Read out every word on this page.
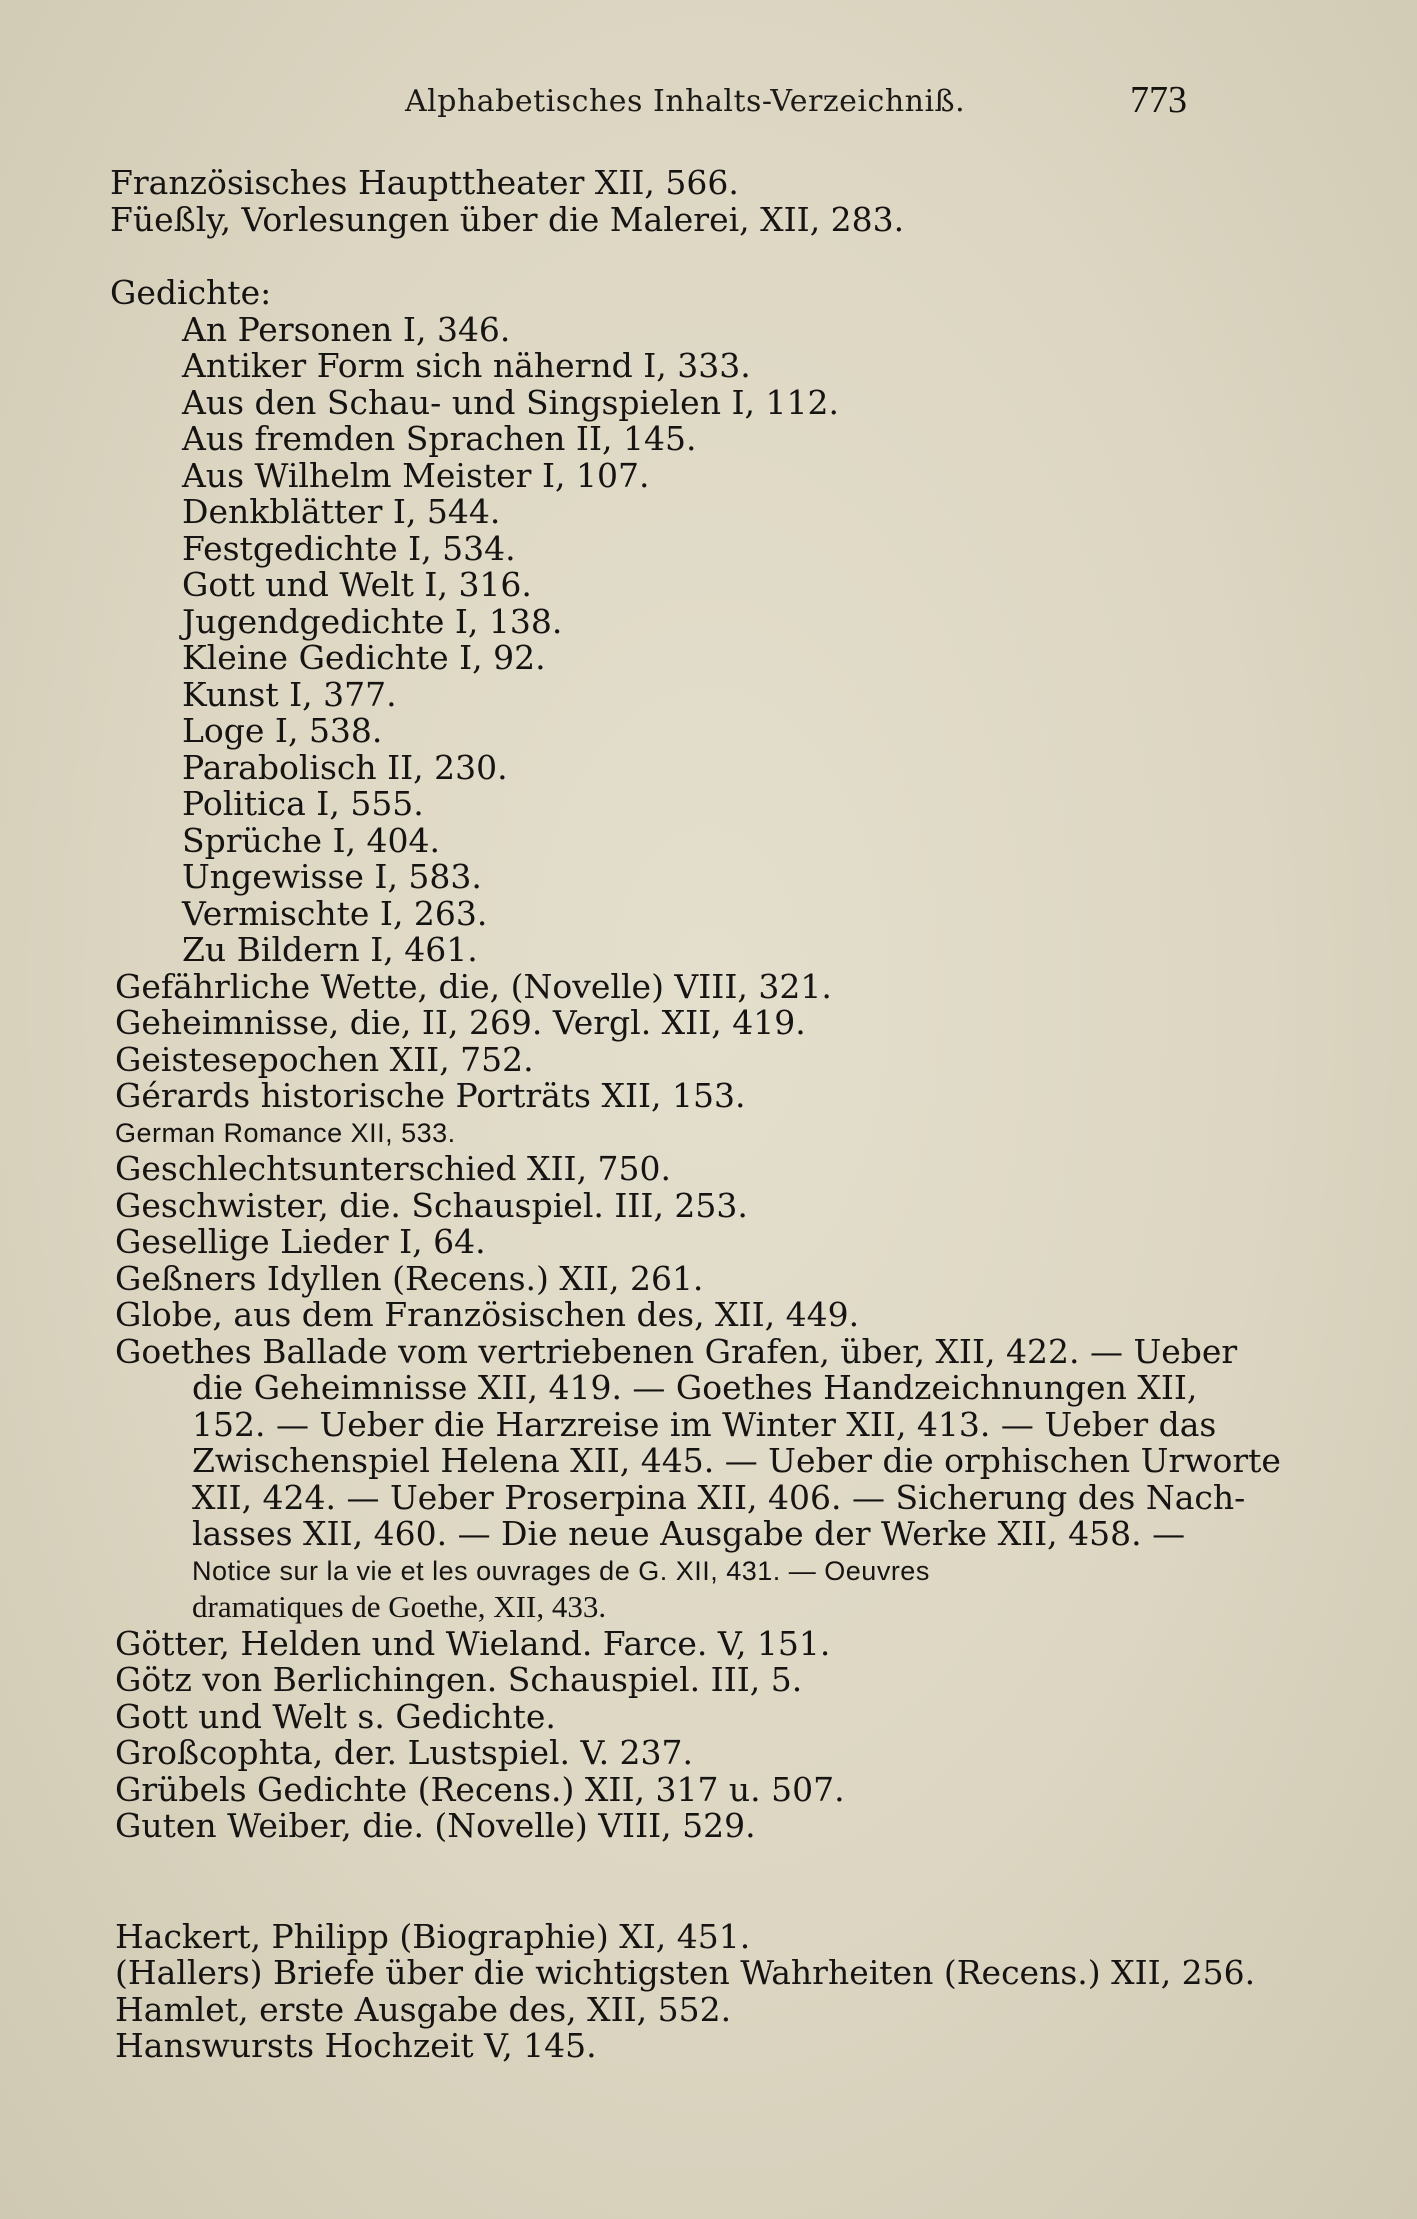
Alphabetisches Inhalts-Verzeichniß.	773
Französisches Haupttheater XII, 566.
Füeßly, Vorlesungen über die Malerei, XII, 283.
Gedichte:
An Personen I, 346.
Antiker Form sich nähernd I, 333.
Aus den Schau- und Singspielen I, 112.
Aus fremden Sprachen II, 145.
Aus Wilhelm Meister I, 107.
Denkblätter I, 544.
Festgedichte I, 534.
Gott und Welt I, 316.
Jugendgedichte I, 138.
Kleine Gedichte I, 92.
Kunst I, 377.
Loge I, 538.
Parabolisch II, 230.
Politica I, 555.
Sprüche I, 404.
Ungewisse I, 583.
Vermischte I, 263.
Zu Bildern I, 461.
Gefährliche Wette, die, (Novelle) VIII, 321.
Geheimnisse, die, II, 269. Vergl. XII, 419.
Geistesepochen XII, 752.
Gérards historische Porträts XII, 153.
German Romance XII, 533.
Geschlechtsunterschied XII, 750.
Geschwister, die. Schauspiel. III, 253.
Gesellige Lieder I, 64.
Geßners Idyllen (Recens.) XII, 261.
Globe, aus dem Französischen des, XII, 449.
Goethes Ballade vom vertriebenen Grafen, über, XII, 422. — Ueber
die Geheimnisse XII, 419. — Goethes Handzeichnungen XII,
152. — Ueber die Harzreise im Winter XII, 413. — Ueber das
Zwischenspiel Helena XII, 445. — Ueber die orphischen Urworte
XII, 424. — Ueber Proserpina XII, 406. — Sicherung des Nach-
lasses XII, 460. — Die neue Ausgabe der Werke XII, 458. —
Notice sur la vie et les ouvrages de G. XII, 431. — Oeuvres
dramatiques de Goethe, XII, 433.
Götter, Helden und Wieland. Farce. V, 151.
Götz von Berlichingen. Schauspiel. III, 5.
Gott und Welt s. Gedichte.
Großcophta, der. Lustspiel. V. 237.
Grübels Gedichte (Recens.) XII, 317 u. 507.
Guten Weiber, die. (Novelle) VIII, 529.
Hackert, Philipp (Biographie) XI, 451.
(Hallers) Briefe über die wichtigsten Wahrheiten (Recens.) XII, 256.
Hamlet, erste Ausgabe des, XII, 552.
Hanswursts Hochzeit V, 145.
